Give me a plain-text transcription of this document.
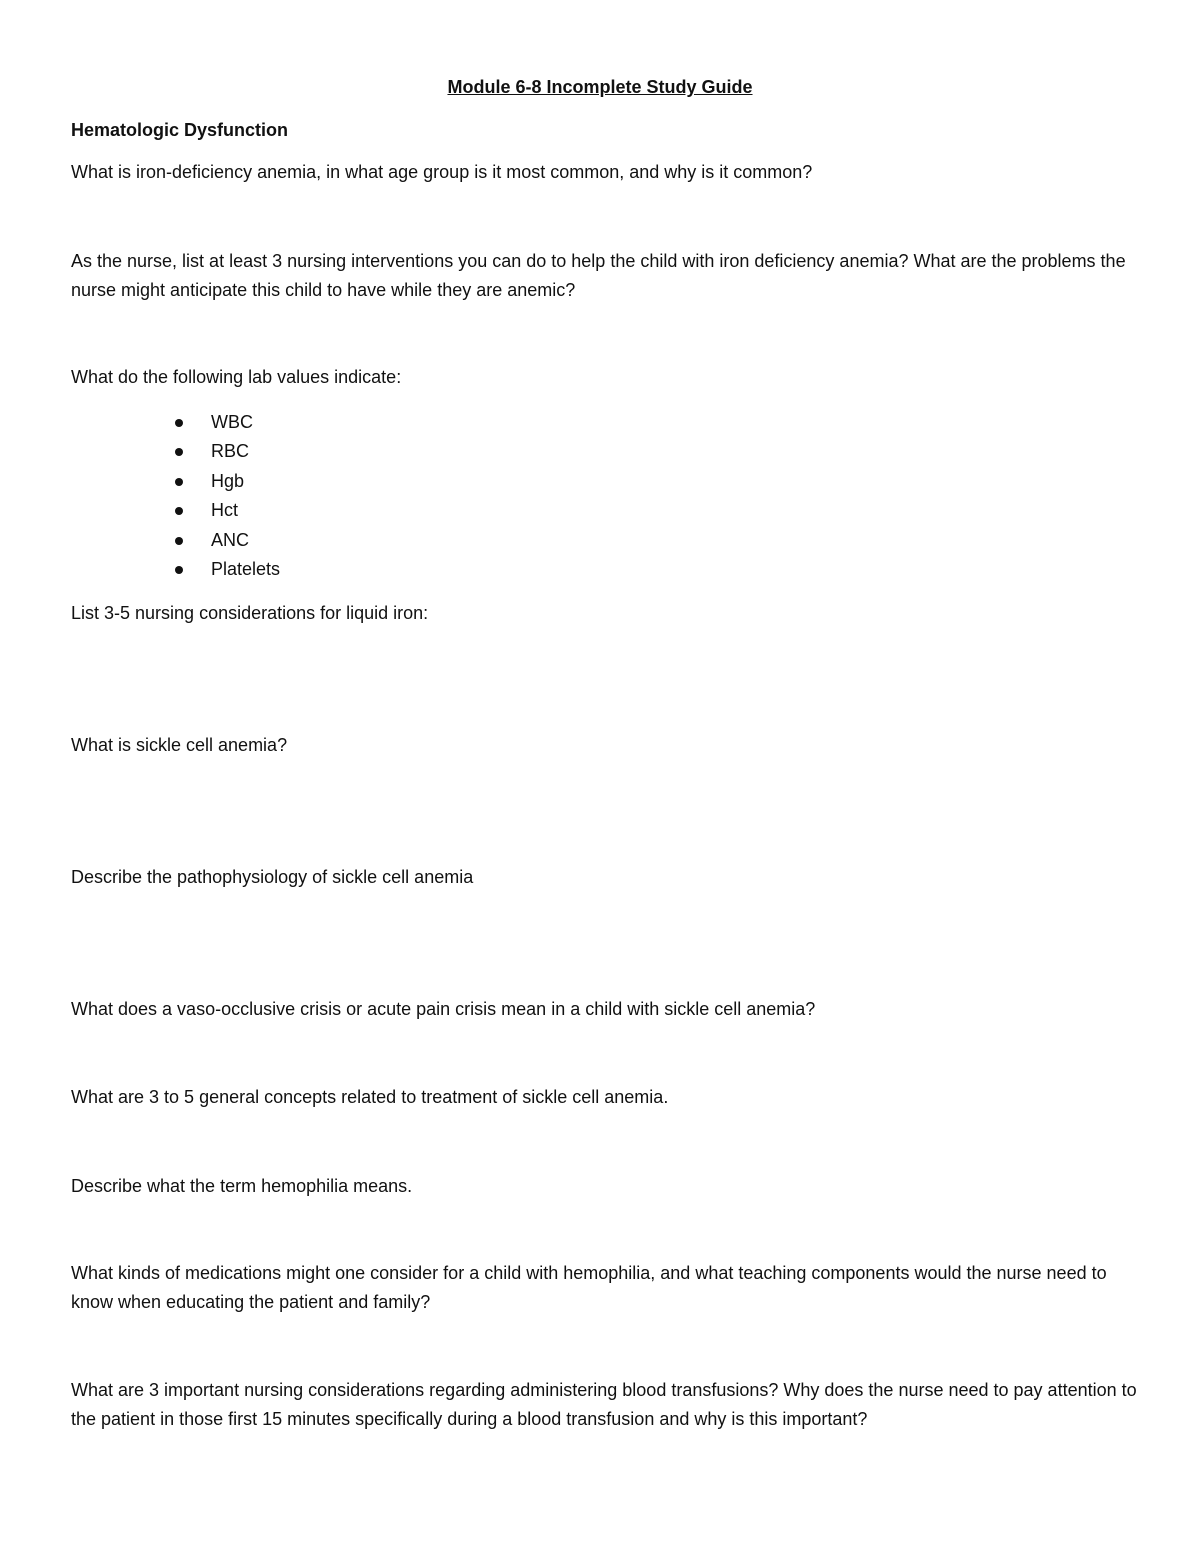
Module 6-8 Incomplete Study Guide
Hematologic Dysfunction
What is iron-deficiency anemia, in what age group is it most common, and why is it common?
As the nurse, list at least 3 nursing interventions you can do to help the child with iron deficiency anemia? What are the problems the nurse might anticipate this child to have while they are anemic?
What do the following lab values indicate:
WBC
RBC
Hgb
Hct
ANC
Platelets
List 3-5 nursing considerations for liquid iron:
What is sickle cell anemia?
Describe the pathophysiology of sickle cell anemia
What does a vaso-occlusive crisis or acute pain crisis mean in a child with sickle cell anemia?
What are 3 to 5 general concepts related to treatment of sickle cell anemia.
Describe what the term hemophilia means.
What kinds of medications might one consider for a child with hemophilia, and what teaching components would the nurse need to know when educating the patient and family?
What are 3 important nursing considerations regarding administering blood transfusions? Why does the nurse need to pay attention to the patient in those first 15 minutes specifically during a blood transfusion and why is this important?
